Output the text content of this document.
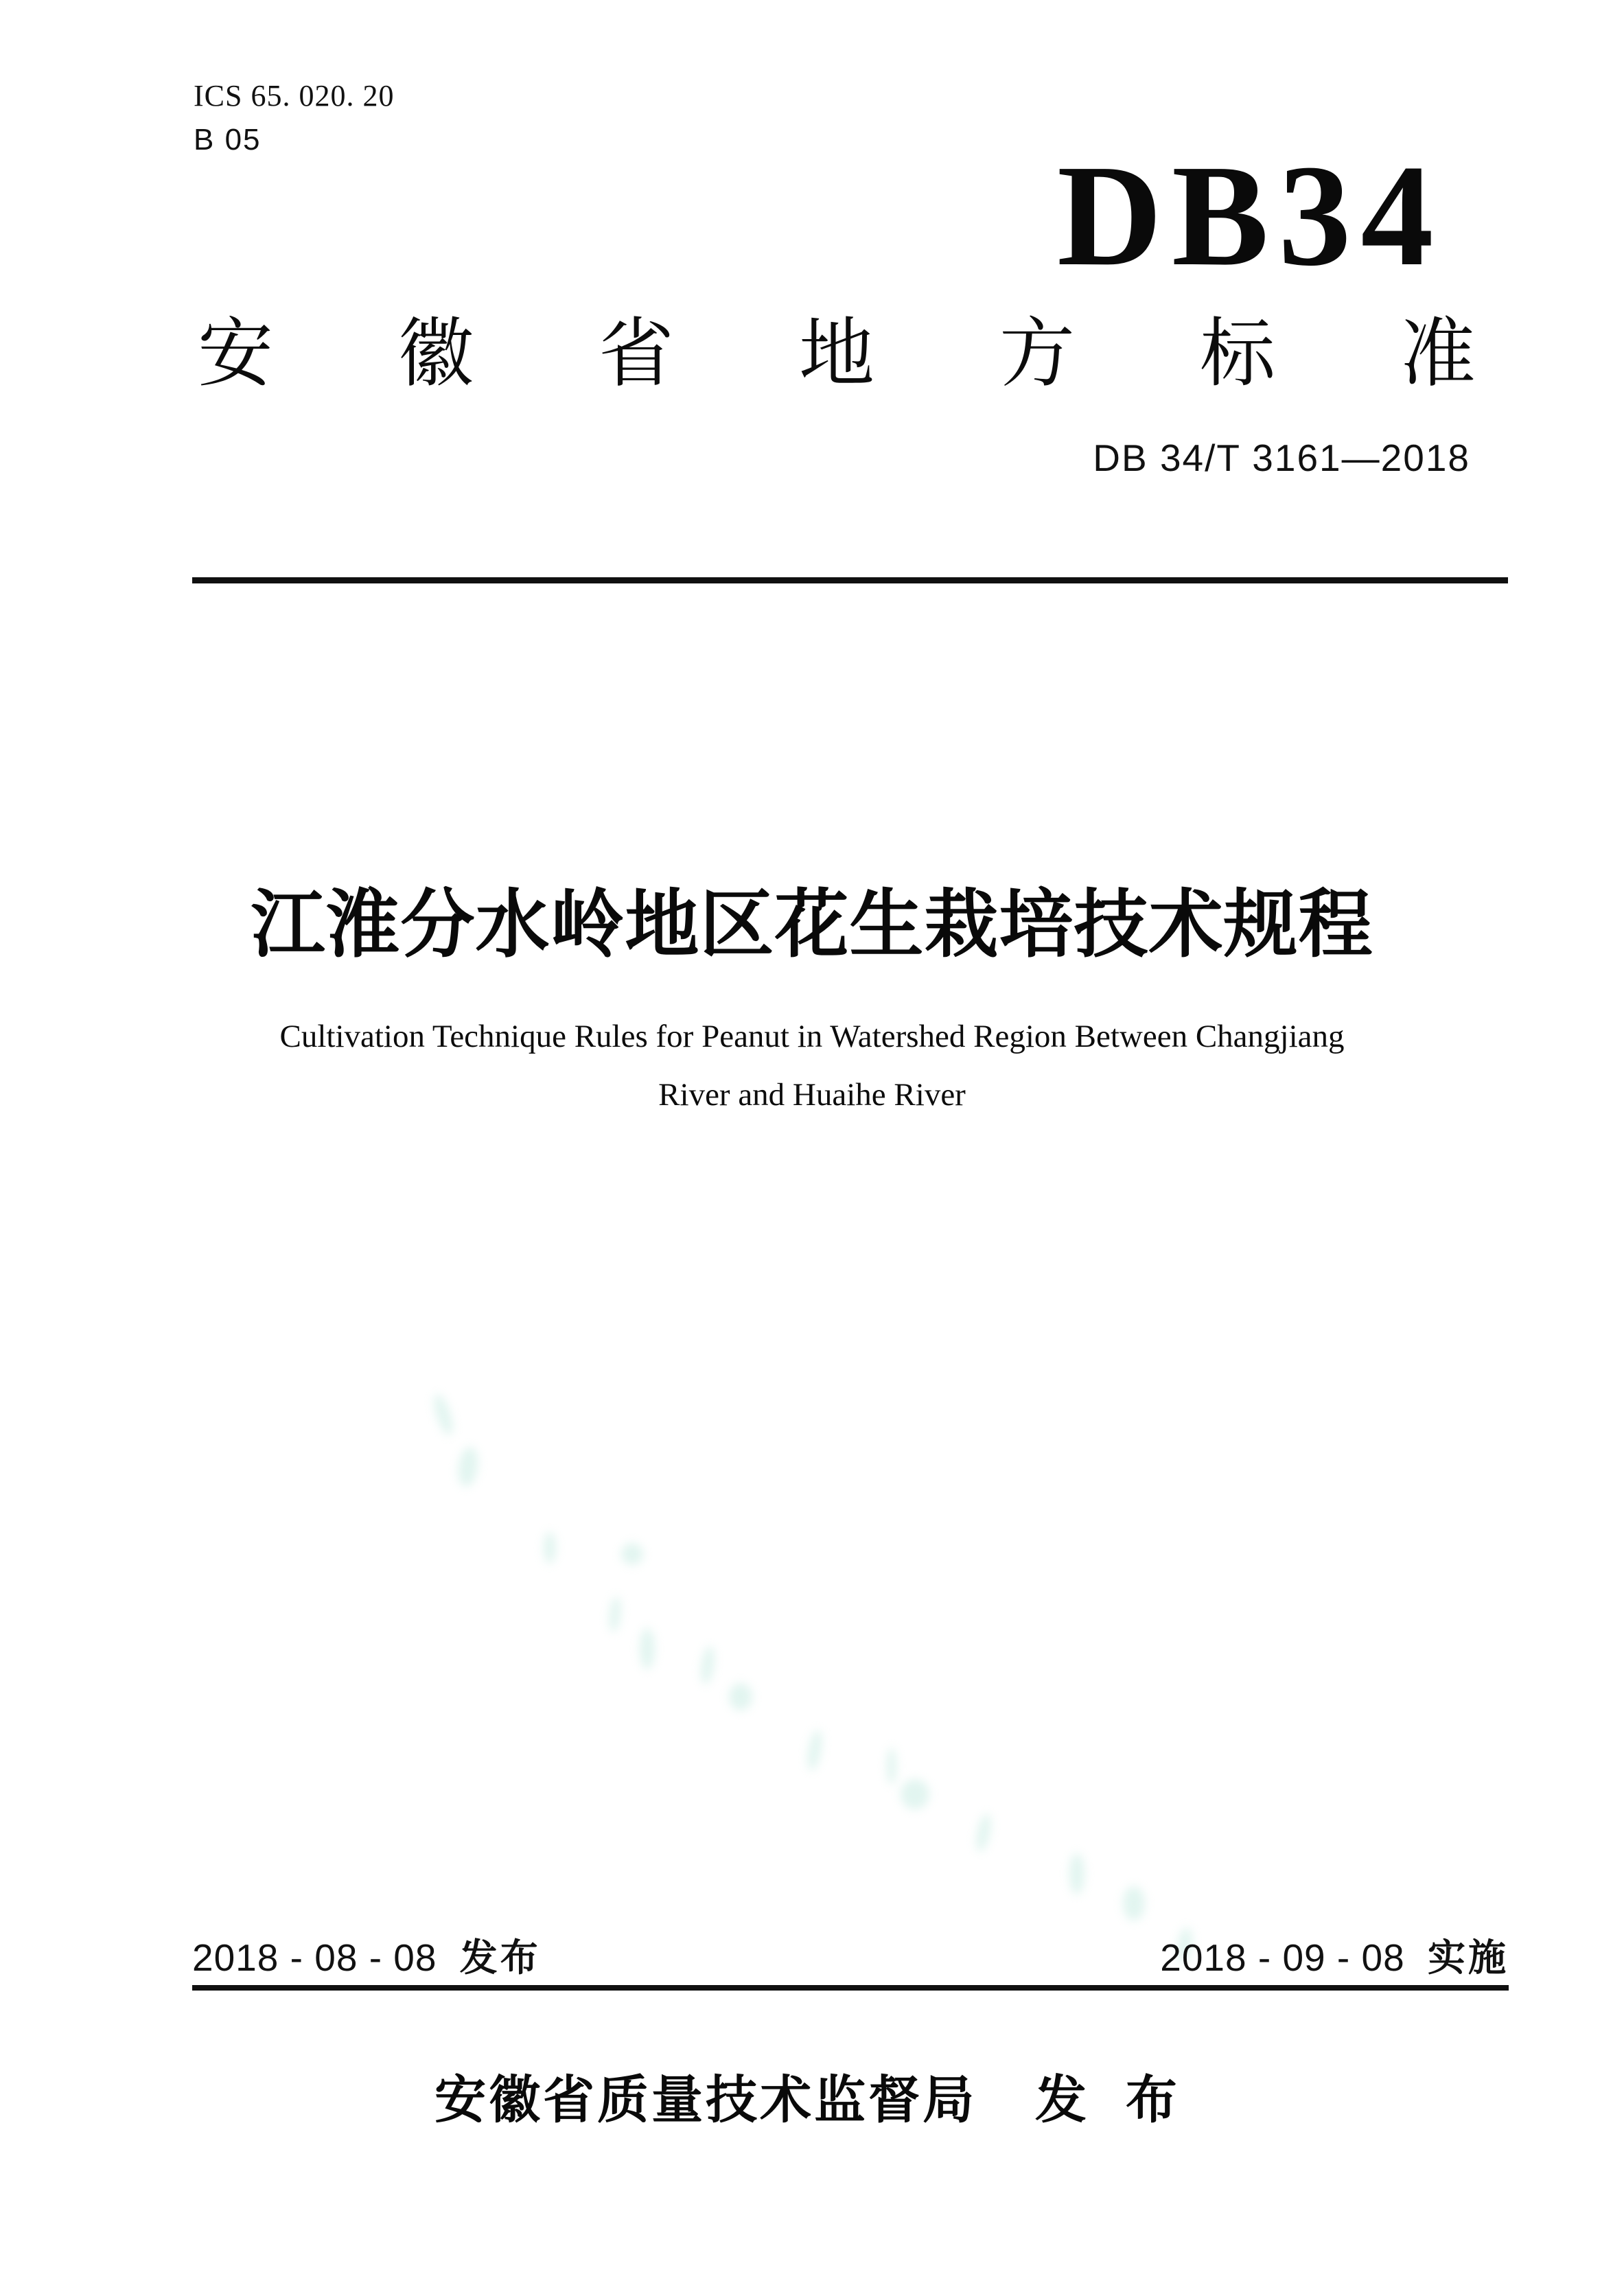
ICS 65. 020. 20
B 05	DB34
安 徽 省 地 方 标 准
DB 34/T 3161—2018
江淮分水岭地区花生栽培技术规程
Cultivation Technique Rules for Peanut in Watershed Region Between Changjiang
River and Huaihe River
2018 - 08 - 08 发布	2018 - 09 - 08 实施
安徽省质量技术监督局 发 布
